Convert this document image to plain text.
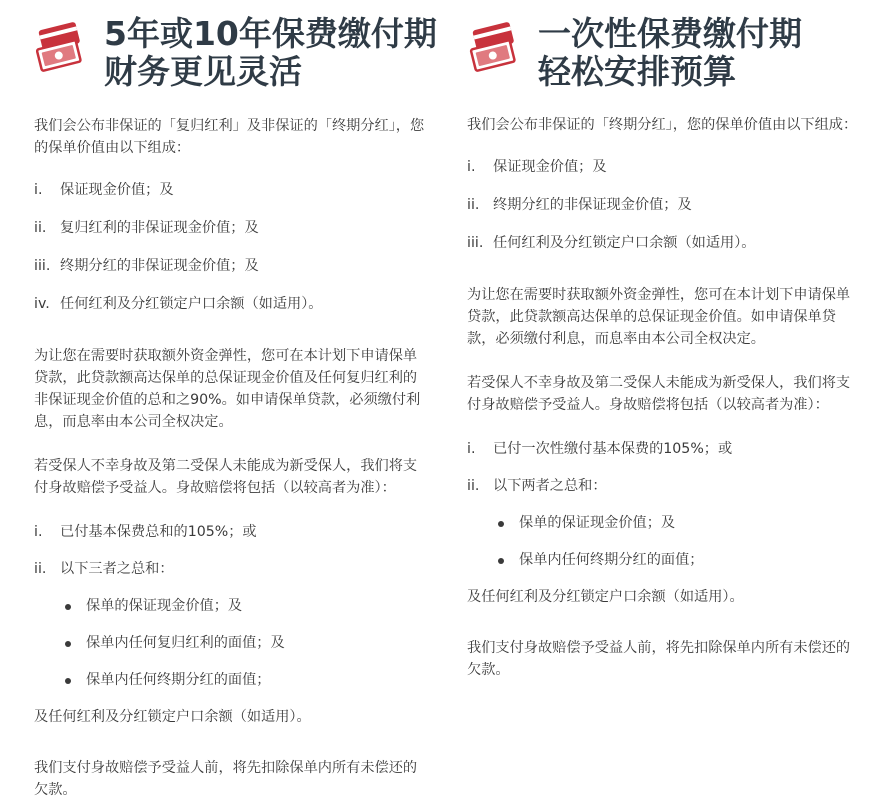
5年或10年保费缴付期
财务更见灵活

我们会公布非保证的「复归红利」及非保证的「终期分红」，您的保单价值由以下组成：

i. 保证现金价值；及
ii. 复归红利的非保证现金价值；及
iii. 终期分红的非保证现金价值；及
iv. 任何红利及分红锁定户口余额（如适用）。

为让您在需要时获取额外资金弹性，您可在本计划下申请保单贷款，此贷款额高达保单的总保证现金价值及任何复归红利的非保证现金价值的总和之90%。如申请保单贷款，必须缴付利息，而息率由本公司全权决定。

若受保人不幸身故及第二受保人未能成为新受保人，我们将支付身故赔偿予受益人。身故赔偿将包括（以较高者为准）：

i. 已付基本保费总和的105%；或
ii. 以下三者之总和：
保单的保证现金价值；及
保单内任何复归红利的面值；及
保单内任何终期分红的面值；

及任何红利及分红锁定户口余额（如适用）。

我们支付身故赔偿予受益人前，将先扣除保单内所有未偿还的欠款。

一次性保费缴付期
轻松安排预算

我们会公布非保证的「终期分红」，您的保单价值由以下组成：

i. 保证现金价值；及
ii. 终期分红的非保证现金价值；及
iii. 任何红利及分红锁定户口余额（如适用）。

为让您在需要时获取额外资金弹性，您可在本计划下申请保单贷款，此贷款额高达保单的总保证现金价值。如申请保单贷款，必须缴付利息，而息率由本公司全权决定。

若受保人不幸身故及第二受保人未能成为新受保人，我们将支付身故赔偿予受益人。身故赔偿将包括（以较高者为准）：

i. 已付一次性缴付基本保费的105%；或
ii. 以下两者之总和：
保单的保证现金价值；及
保单内任何终期分红的面值；

及任何红利及分红锁定户口余额（如适用）。

我们支付身故赔偿予受益人前，将先扣除保单内所有未偿还的欠款。
